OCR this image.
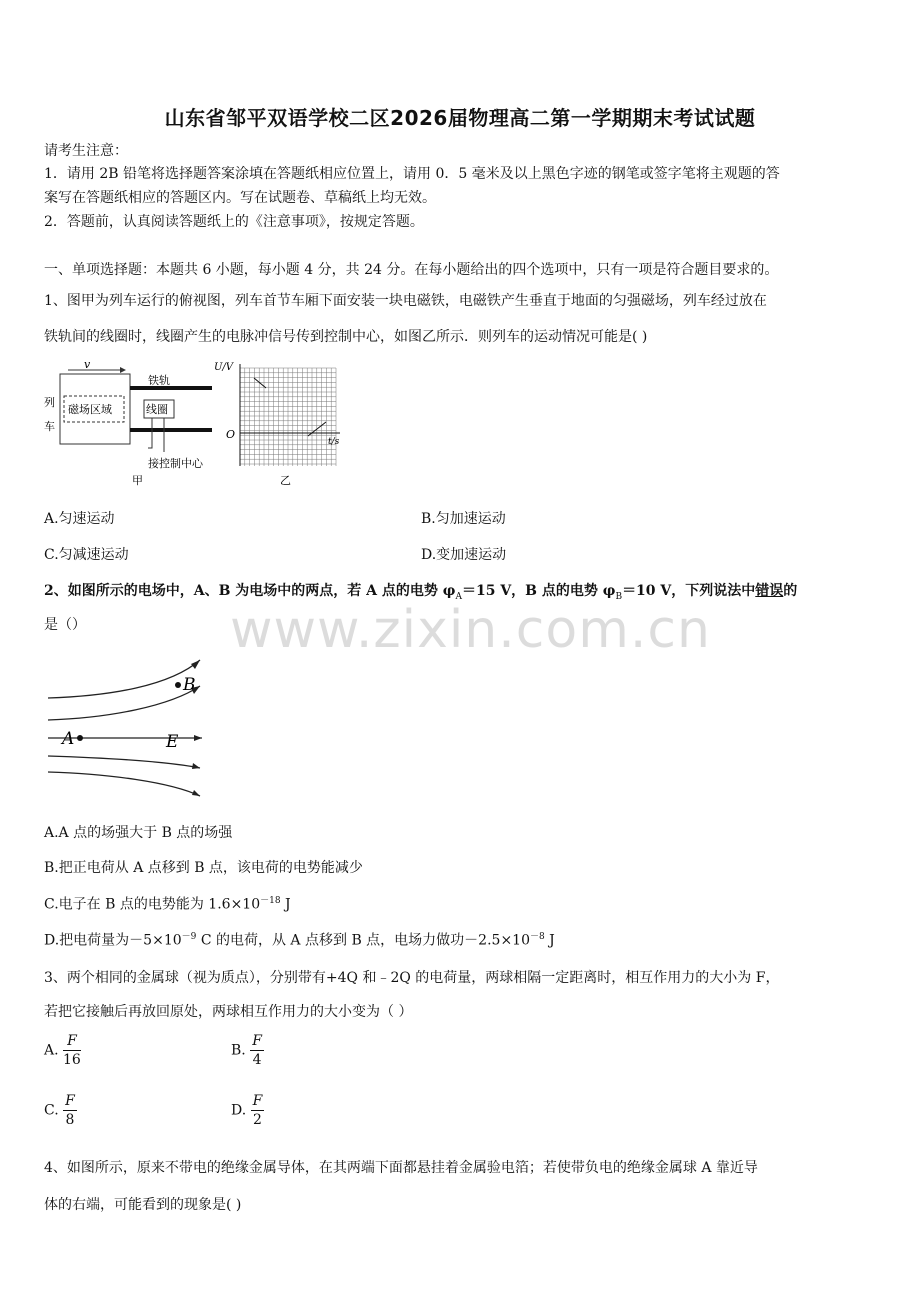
www.zixin.com.cn
山东省邹平双语学校二区2026届物理高二第一学期期末考试试题
请考生注意：
1．请用 2B 铅笔将选择题答案涂填在答题纸相应位置上，请用 0．5 毫米及以上黑色字迹的钢笔或签字笔将主观题的答
案写在答题纸相应的答题区内。写在试题卷、草稿纸上均无效。
2．答题前，认真阅读答题纸上的《注意事项》，按规定答题。
一、单项选择题：本题共 6 小题，每小题 4 分，共 24 分。在每小题给出的四个选项中，只有一项是符合题目要求的。
1、图甲为列车运行的俯视图，列车首节车厢下面安装一块电磁铁，电磁铁产生垂直于地面的匀强磁场，列车经过放在
铁轨间的线圈时，线圈产生的电脉冲信号传到控制中心，如图乙所示．则列车的运动情况可能是( )
v
铁轨
磁场区域
列
车
线圈
接控制中心
甲
U/V
O
t/s
乙
A.匀速运动	B.匀加速运动
C.匀减速运动	D.变加速运动
2、如图所示的电场中，A、B 为电场中的两点，若 A 点的电势 $\varphi_A=15$ V，B 点的电势 $\varphi_B=10$ V，下列说法中错误的
是（）
B
A	E
A.A 点的场强大于 B 点的场强
B.把正电荷从 A 点移到 B 点，该电荷的电势能减少
C.电子在 B 点的电势能为 $1.6\times 10^{-18}$ J
D.把电荷量为$-5\times 10^{-9}$ C 的电荷，从 A 点移到 B 点，电场力做功$-2.5\times 10^{-8}$ J
3、两个相同的金属球（视为质点），分别带有+4Q 和﹣2Q 的电荷量，两球相隔一定距离时，相互作用力的大小为 F，
若把它接触后再放回原处，两球相互作用力的大小变为（ ）
A. $\frac{F}{16}$	B. $\frac{F}{4}$
C. $\frac{F}{8}$	D. $\frac{F}{2}$
4、如图所示，原来不带电的绝缘金属导体，在其两端下面都悬挂着金属验电箔；若使带负电的绝缘金属球 A 靠近导
体的右端，可能看到的现象是( )
